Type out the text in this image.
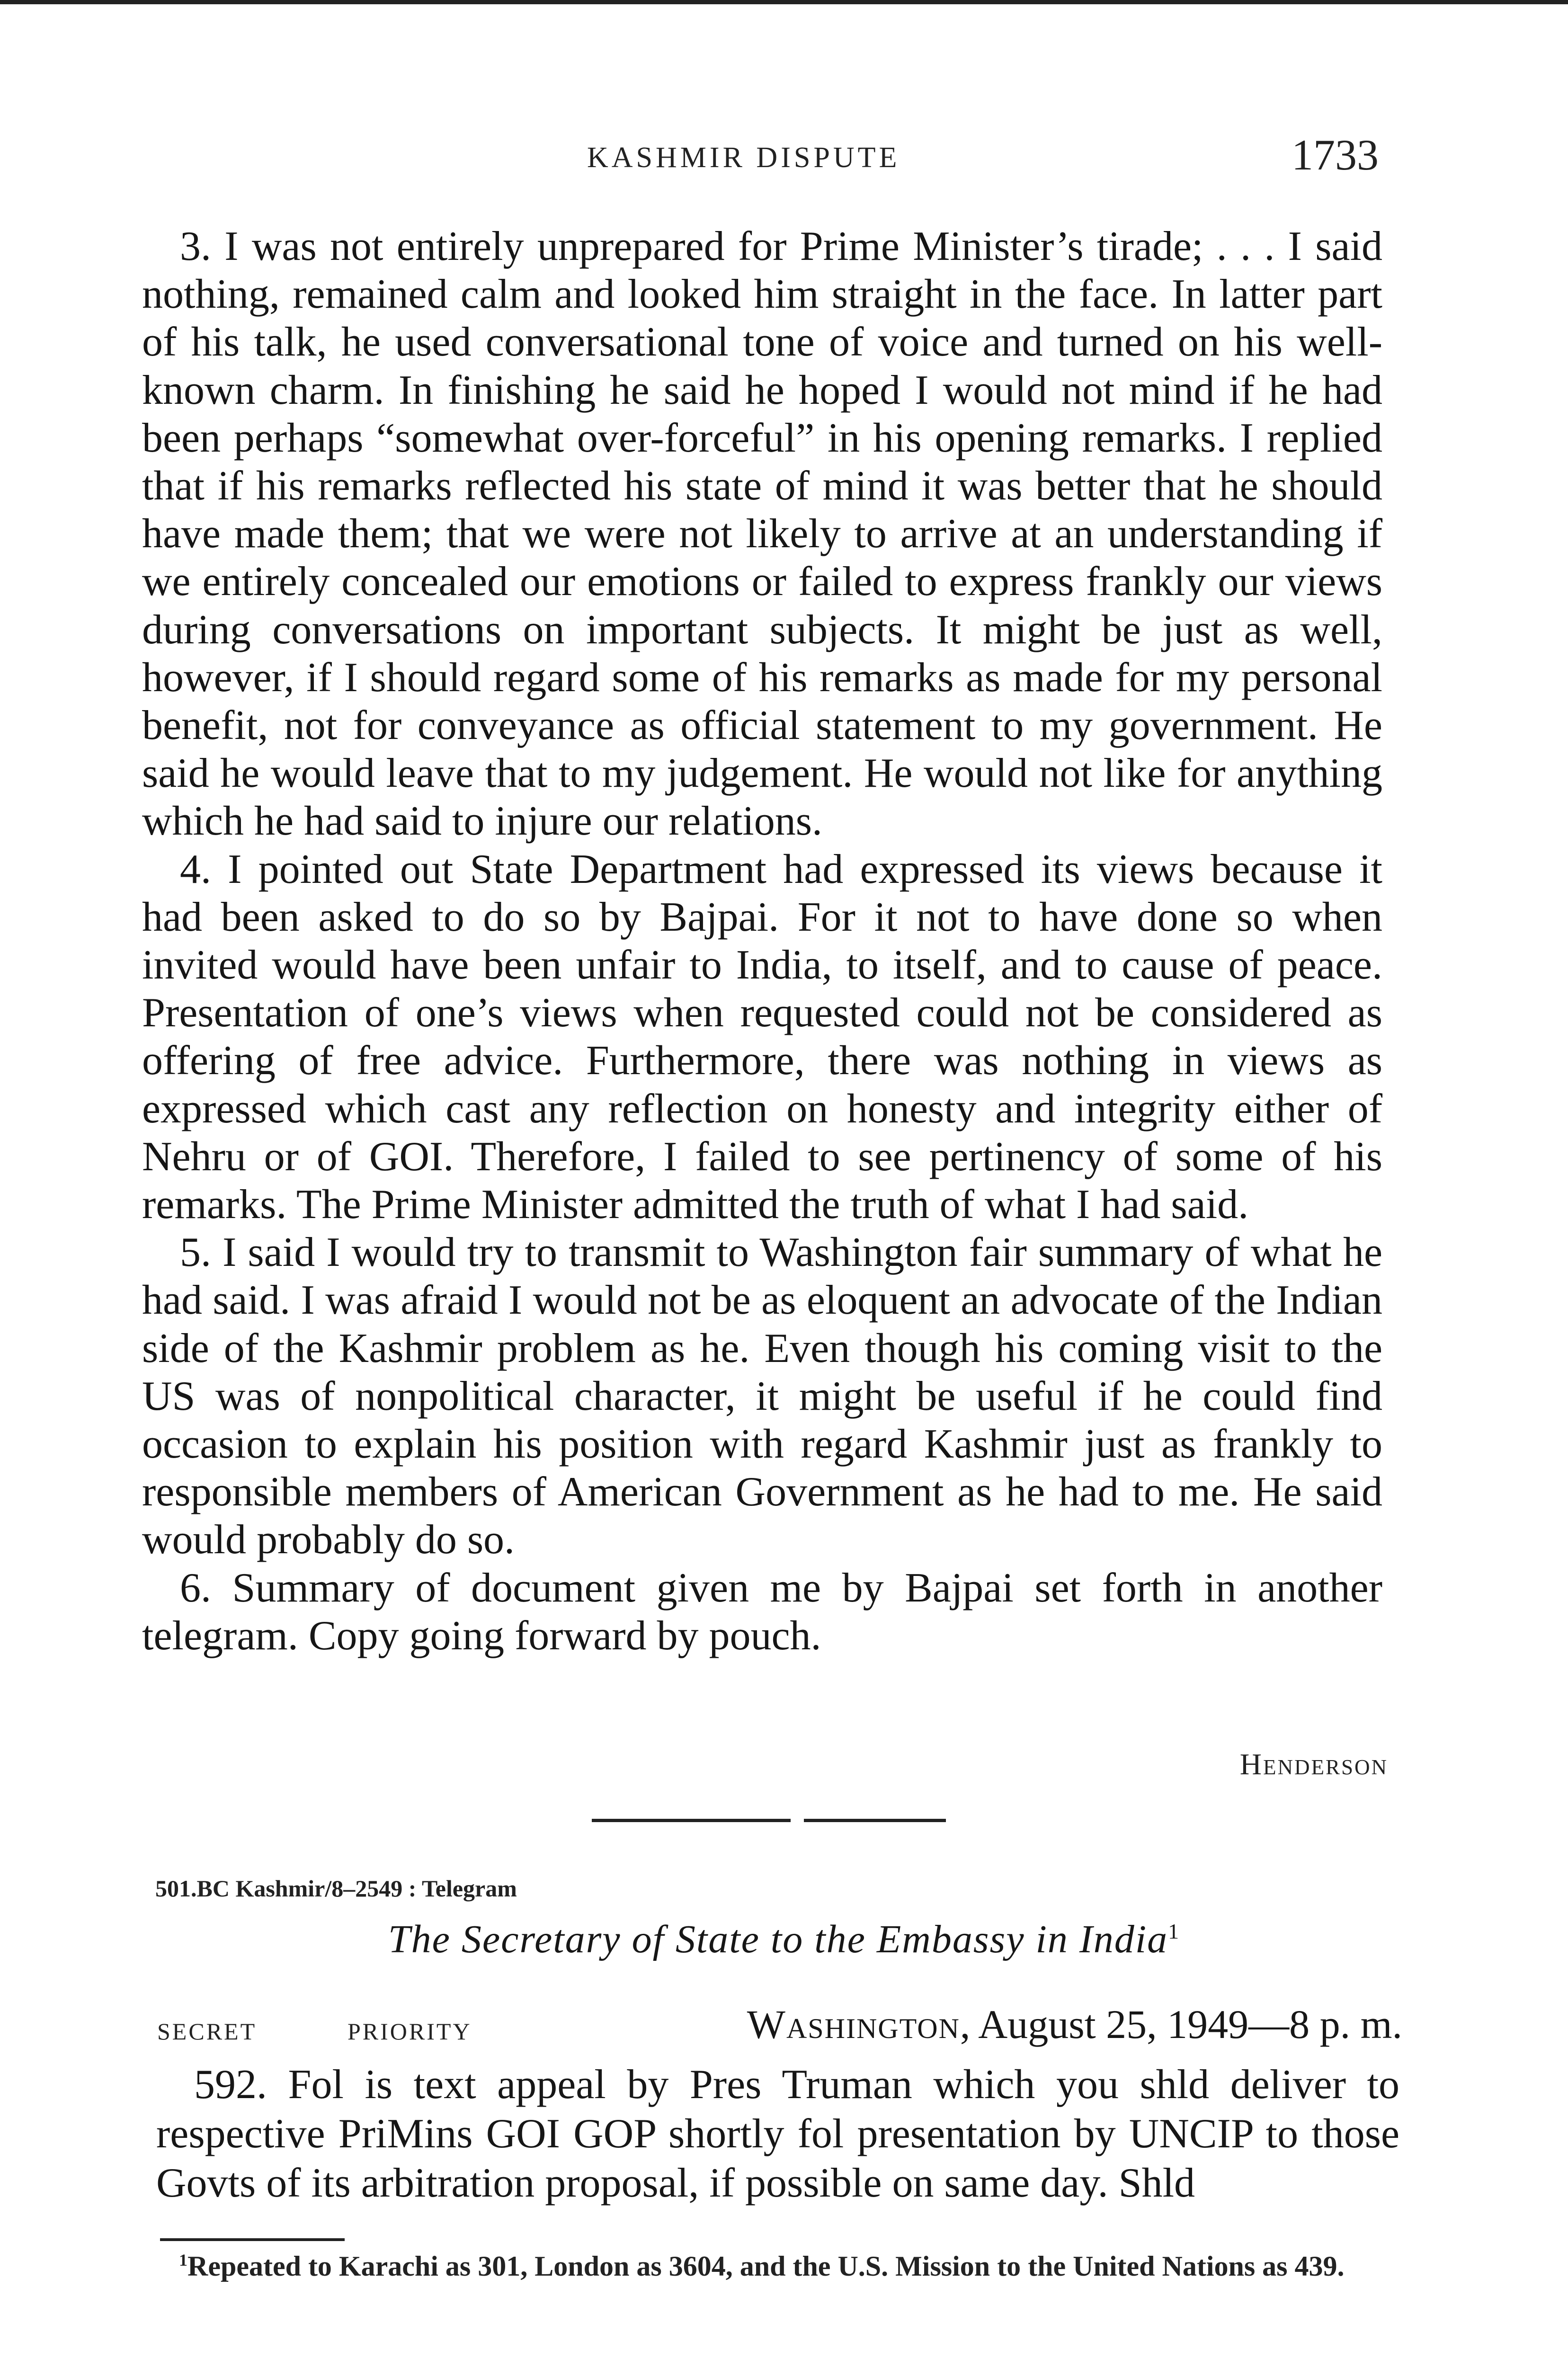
KASHMIR DISPUTE	1733

3. I was not entirely unprepared for Prime Minister’s tirade; . . . I said nothing, remained calm and looked him straight in the face. In latter part of his talk, he used conversational tone of voice and turned on his well-known charm. In finishing he said he hoped I would not mind if he had been perhaps “somewhat over-forceful” in his opening remarks. I replied that if his remarks reflected his state of mind it was better that he should have made them; that we were not likely to arrive at an understanding if we entirely concealed our emotions or failed to express frankly our views during conversations on important subjects. It might be just as well, however, if I should regard some of his remarks as made for my personal benefit, not for conveyance as official statement to my government. He said he would leave that to my judgement. He would not like for anything which he had said to injure our relations.

4. I pointed out State Department had expressed its views because it had been asked to do so by Bajpai. For it not to have done so when invited would have been unfair to India, to itself, and to cause of peace. Presentation of one’s views when requested could not be considered as offering of free advice. Furthermore, there was nothing in views as expressed which cast any reflection on honesty and integrity either of Nehru or of GOI. Therefore, I failed to see pertinency of some of his remarks. The Prime Minister admitted the truth of what I had said.

5. I said I would try to transmit to Washington fair summary of what he had said. I was afraid I would not be as eloquent an advocate of the Indian side of the Kashmir problem as he. Even though his coming visit to the US was of nonpolitical character, it might be useful if he could find occasion to explain his position with regard Kashmir just as frankly to responsible members of American Government as he had to me. He said would probably do so.

6. Summary of document given me by Bajpai set forth in another telegram. Copy going forward by pouch.

Henderson
501.BC Kashmir/8–2549 : Telegram
The Secretary of State to the Embassy in India$^1$
SECRET	PRIORITY	Washington, August 25, 1949—8 p. m.

592. Fol is text appeal by Pres Truman which you shld deliver to respective PriMins GOI GOP shortly fol presentation by UNCIP to those Govts of its arbitration proposal, if possible on same day. Shld

$^1$Repeated to Karachi as 301, London as 3604, and the U.S. Mission to the United Nations as 439.
